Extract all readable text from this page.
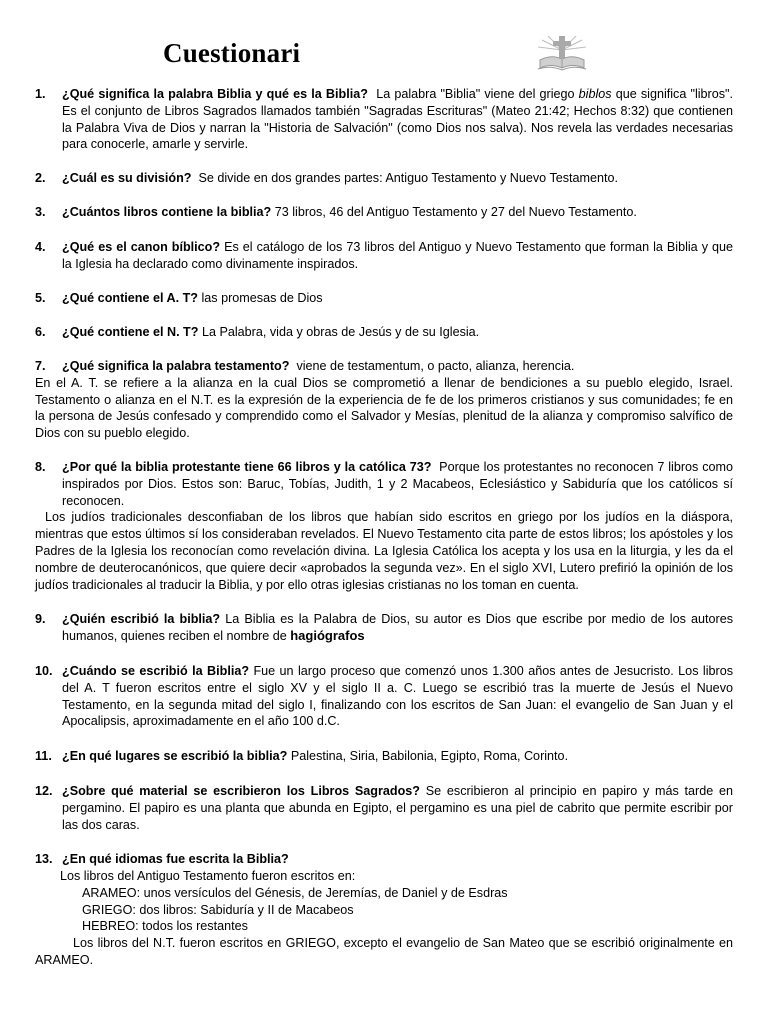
Cuestionari
1. ¿Qué significa la palabra Biblia y qué es la Biblia? La palabra "Biblia" viene del griego biblos que significa "libros". Es el conjunto de Libros Sagrados llamados también "Sagradas Escrituras" (Mateo 21:42; Hechos 8:32) que contienen la Palabra Viva de Dios y narran la "Historia de Salvación" (como Dios nos salva). Nos revela las verdades necesarias para conocerle, amarle y servirle.
2. ¿Cuál es su división? Se divide en dos grandes partes: Antiguo Testamento y Nuevo Testamento.
3. ¿Cuántos libros contiene la biblia? 73 libros, 46 del Antiguo Testamento y 27 del Nuevo Testamento.
4. ¿Qué es el canon bíblico? Es el catálogo de los 73 libros del Antiguo y Nuevo Testamento que forman la Biblia y que la Iglesia ha declarado como divinamente inspirados.
5. ¿Qué contiene el A. T? las promesas de Dios
6. ¿Qué contiene el N. T? La Palabra, vida y obras de Jesús y de su Iglesia.
7. ¿Qué significa la palabra testamento? viene de testamentum, o pacto, alianza, herencia.
En el A. T. se refiere a la alianza en la cual Dios se comprometió a llenar de bendiciones a su pueblo elegido, Israel. Testamento o alianza en el N.T. es la expresión de la experiencia de fe de los primeros cristianos y sus comunidades; fe en la persona de Jesús confesado y comprendido como el Salvador y Mesías, plenitud de la alianza y compromiso salvífico de Dios con su pueblo elegido.
8. ¿Por qué la biblia protestante tiene 66 libros y la católica 73? Porque los protestantes no reconocen 7 libros como inspirados por Dios. Estos son: Baruc, Tobías, Judith, 1 y 2 Macabeos, Eclesiástico y Sabiduría que los católicos sí reconocen.
Los judíos tradicionales desconfiaban de los libros que habían sido escritos en griego por los judíos en la diáspora, mientras que estos últimos sí los consideraban revelados. El Nuevo Testamento cita parte de estos libros; los apóstoles y los Padres de la Iglesia los reconocían como revelación divina. La Iglesia Católica los acepta y los usa en la liturgia, y les da el nombre de deuterocanónicos, que quiere decir «aprobados la segunda vez». En el siglo XVI, Lutero prefirió la opinión de los judíos tradicionales al traducir la Biblia, y por ello otras iglesias cristianas no los toman en cuenta.
9. ¿Quién escribió la biblia? La Biblia es la Palabra de Dios, su autor es Dios que escribe por medio de los autores humanos, quienes reciben el nombre de hagiógrafos
10. ¿Cuándo se escribió la Biblia? Fue un largo proceso que comenzó unos 1.300 años antes de Jesucristo. Los libros del A. T fueron escritos entre el siglo XV y el siglo II a. C. Luego se escribió tras la muerte de Jesús el Nuevo Testamento, en la segunda mitad del siglo I, finalizando con los escritos de San Juan: el evangelio de San Juan y el Apocalipsis, aproximadamente en el año 100 d.C.
11. ¿En qué lugares se escribió la biblia? Palestina, Siria, Babilonia, Egipto, Roma, Corinto.
12. ¿Sobre qué material se escribieron los Libros Sagrados? Se escribieron al principio en papiro y más tarde en pergamino. El papiro es una planta que abunda en Egipto, el pergamino es una piel de cabrito que permite escribir por las dos caras.
13. ¿En qué idiomas fue escrita la Biblia?
Los libros del Antiguo Testamento fueron escritos en:
ARAMEO: unos versículos del Génesis, de Jeremías, de Daniel y de Esdras
GRIEGO: dos libros: Sabiduría y II de Macabeos
HEBREO: todos los restantes
Los libros del N.T. fueron escritos en GRIEGO, excepto el evangelio de San Mateo que se escribió originalmente en ARAMEO.
